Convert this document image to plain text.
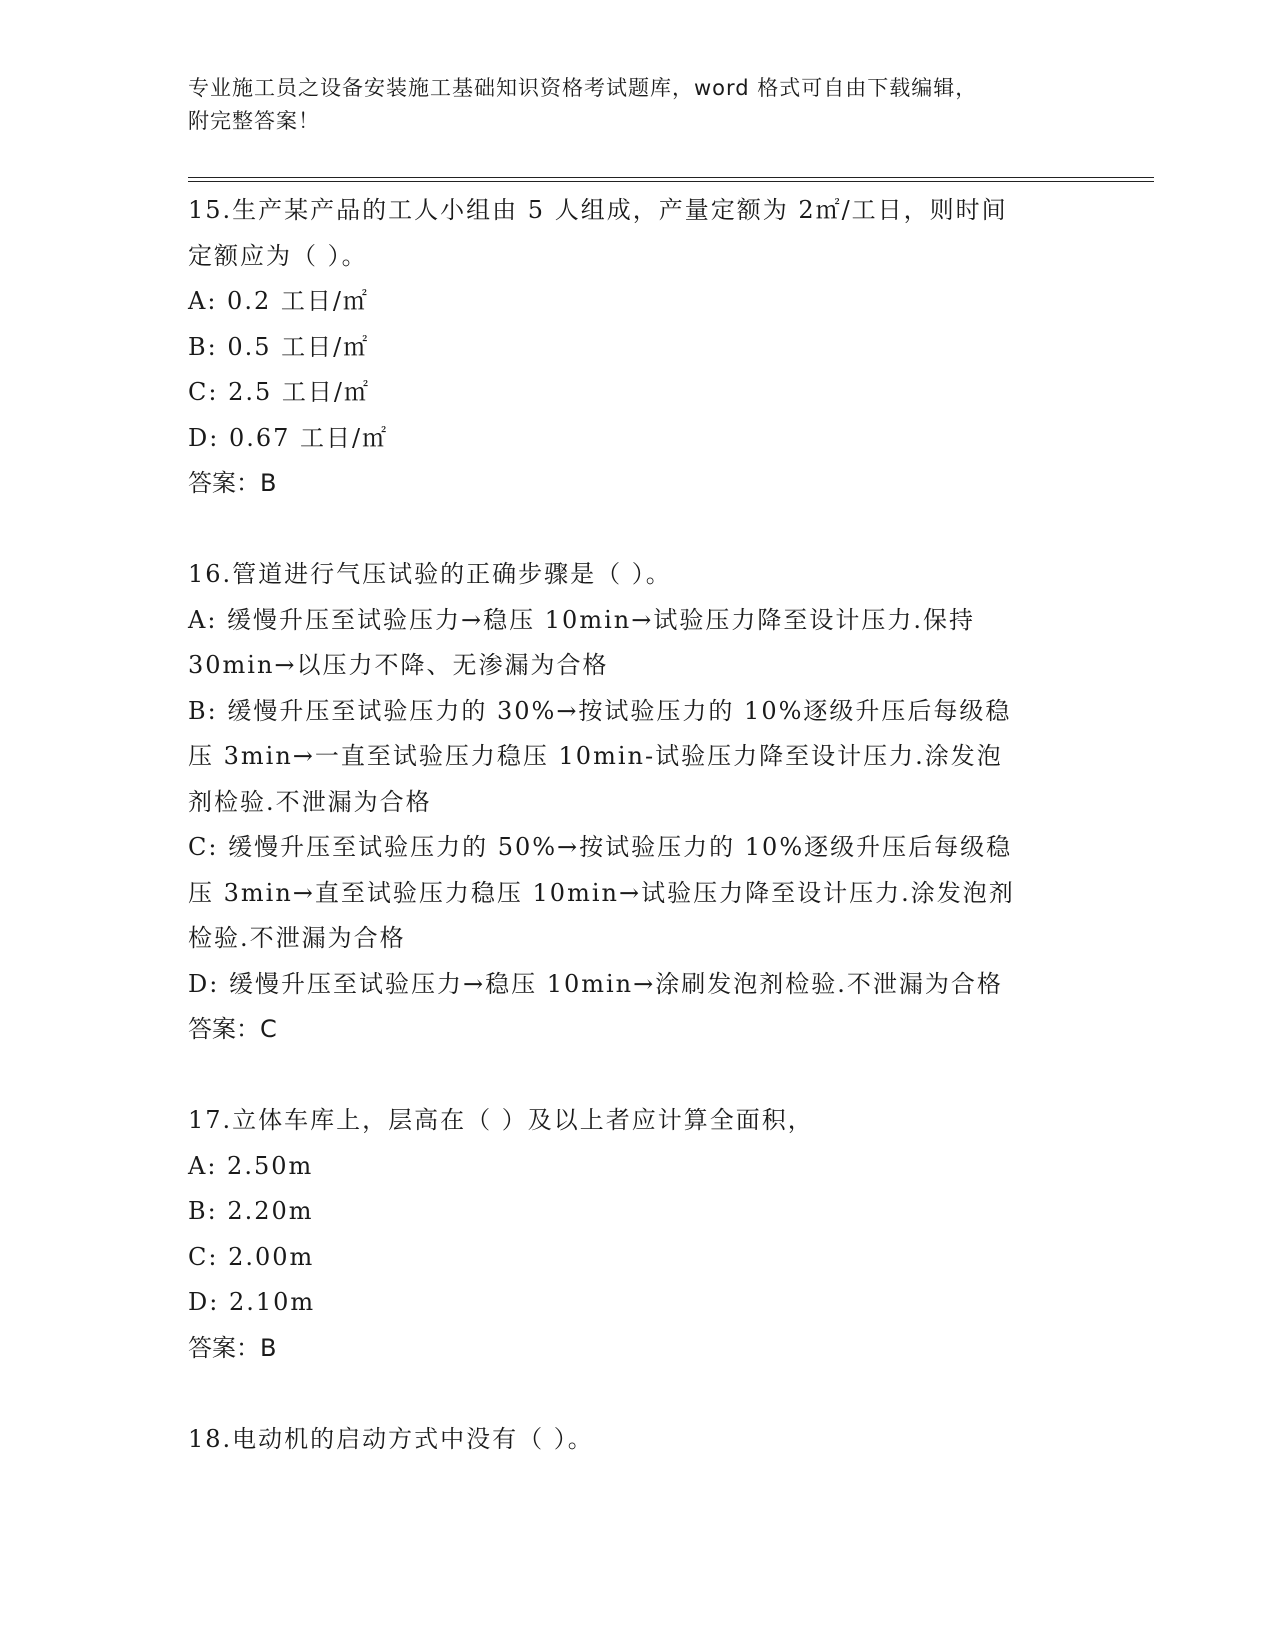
专业施工员之设备安装施工基础知识资格考试题库，word 格式可自由下载编辑，
附完整答案！
15.生产某产品的工人小组由 5 人组成，产量定额为 2㎡/工日，则时间
定额应为（ ）。
A: 0.2 工日/㎡
B: 0.5 工日/㎡
C: 2.5 工日/㎡
D: 0.67 工日/㎡
答案：B
16.管道进行气压试验的正确步骤是（ ）。
A: 缓慢升压至试验压力→稳压 10min→试验压力降至设计压力.保持
30min→以压力不降、无渗漏为合格
B: 缓慢升压至试验压力的 30%→按试验压力的 10%逐级升压后每级稳
压 3min→一直至试验压力稳压 10min-试验压力降至设计压力.涂发泡
剂检验.不泄漏为合格
C: 缓慢升压至试验压力的 50%→按试验压力的 10%逐级升压后每级稳
压 3min→直至试验压力稳压 10min→试验压力降至设计压力.涂发泡剂
检验.不泄漏为合格
D: 缓慢升压至试验压力→稳压 10min→涂刷发泡剂检验.不泄漏为合格
答案：C
17.立体车库上，层高在（ ）及以上者应计算全面积，
A: 2.50m
B: 2.20m
C: 2.00m
D: 2.10m
答案：B
18.电动机的启动方式中没有（ ）。
